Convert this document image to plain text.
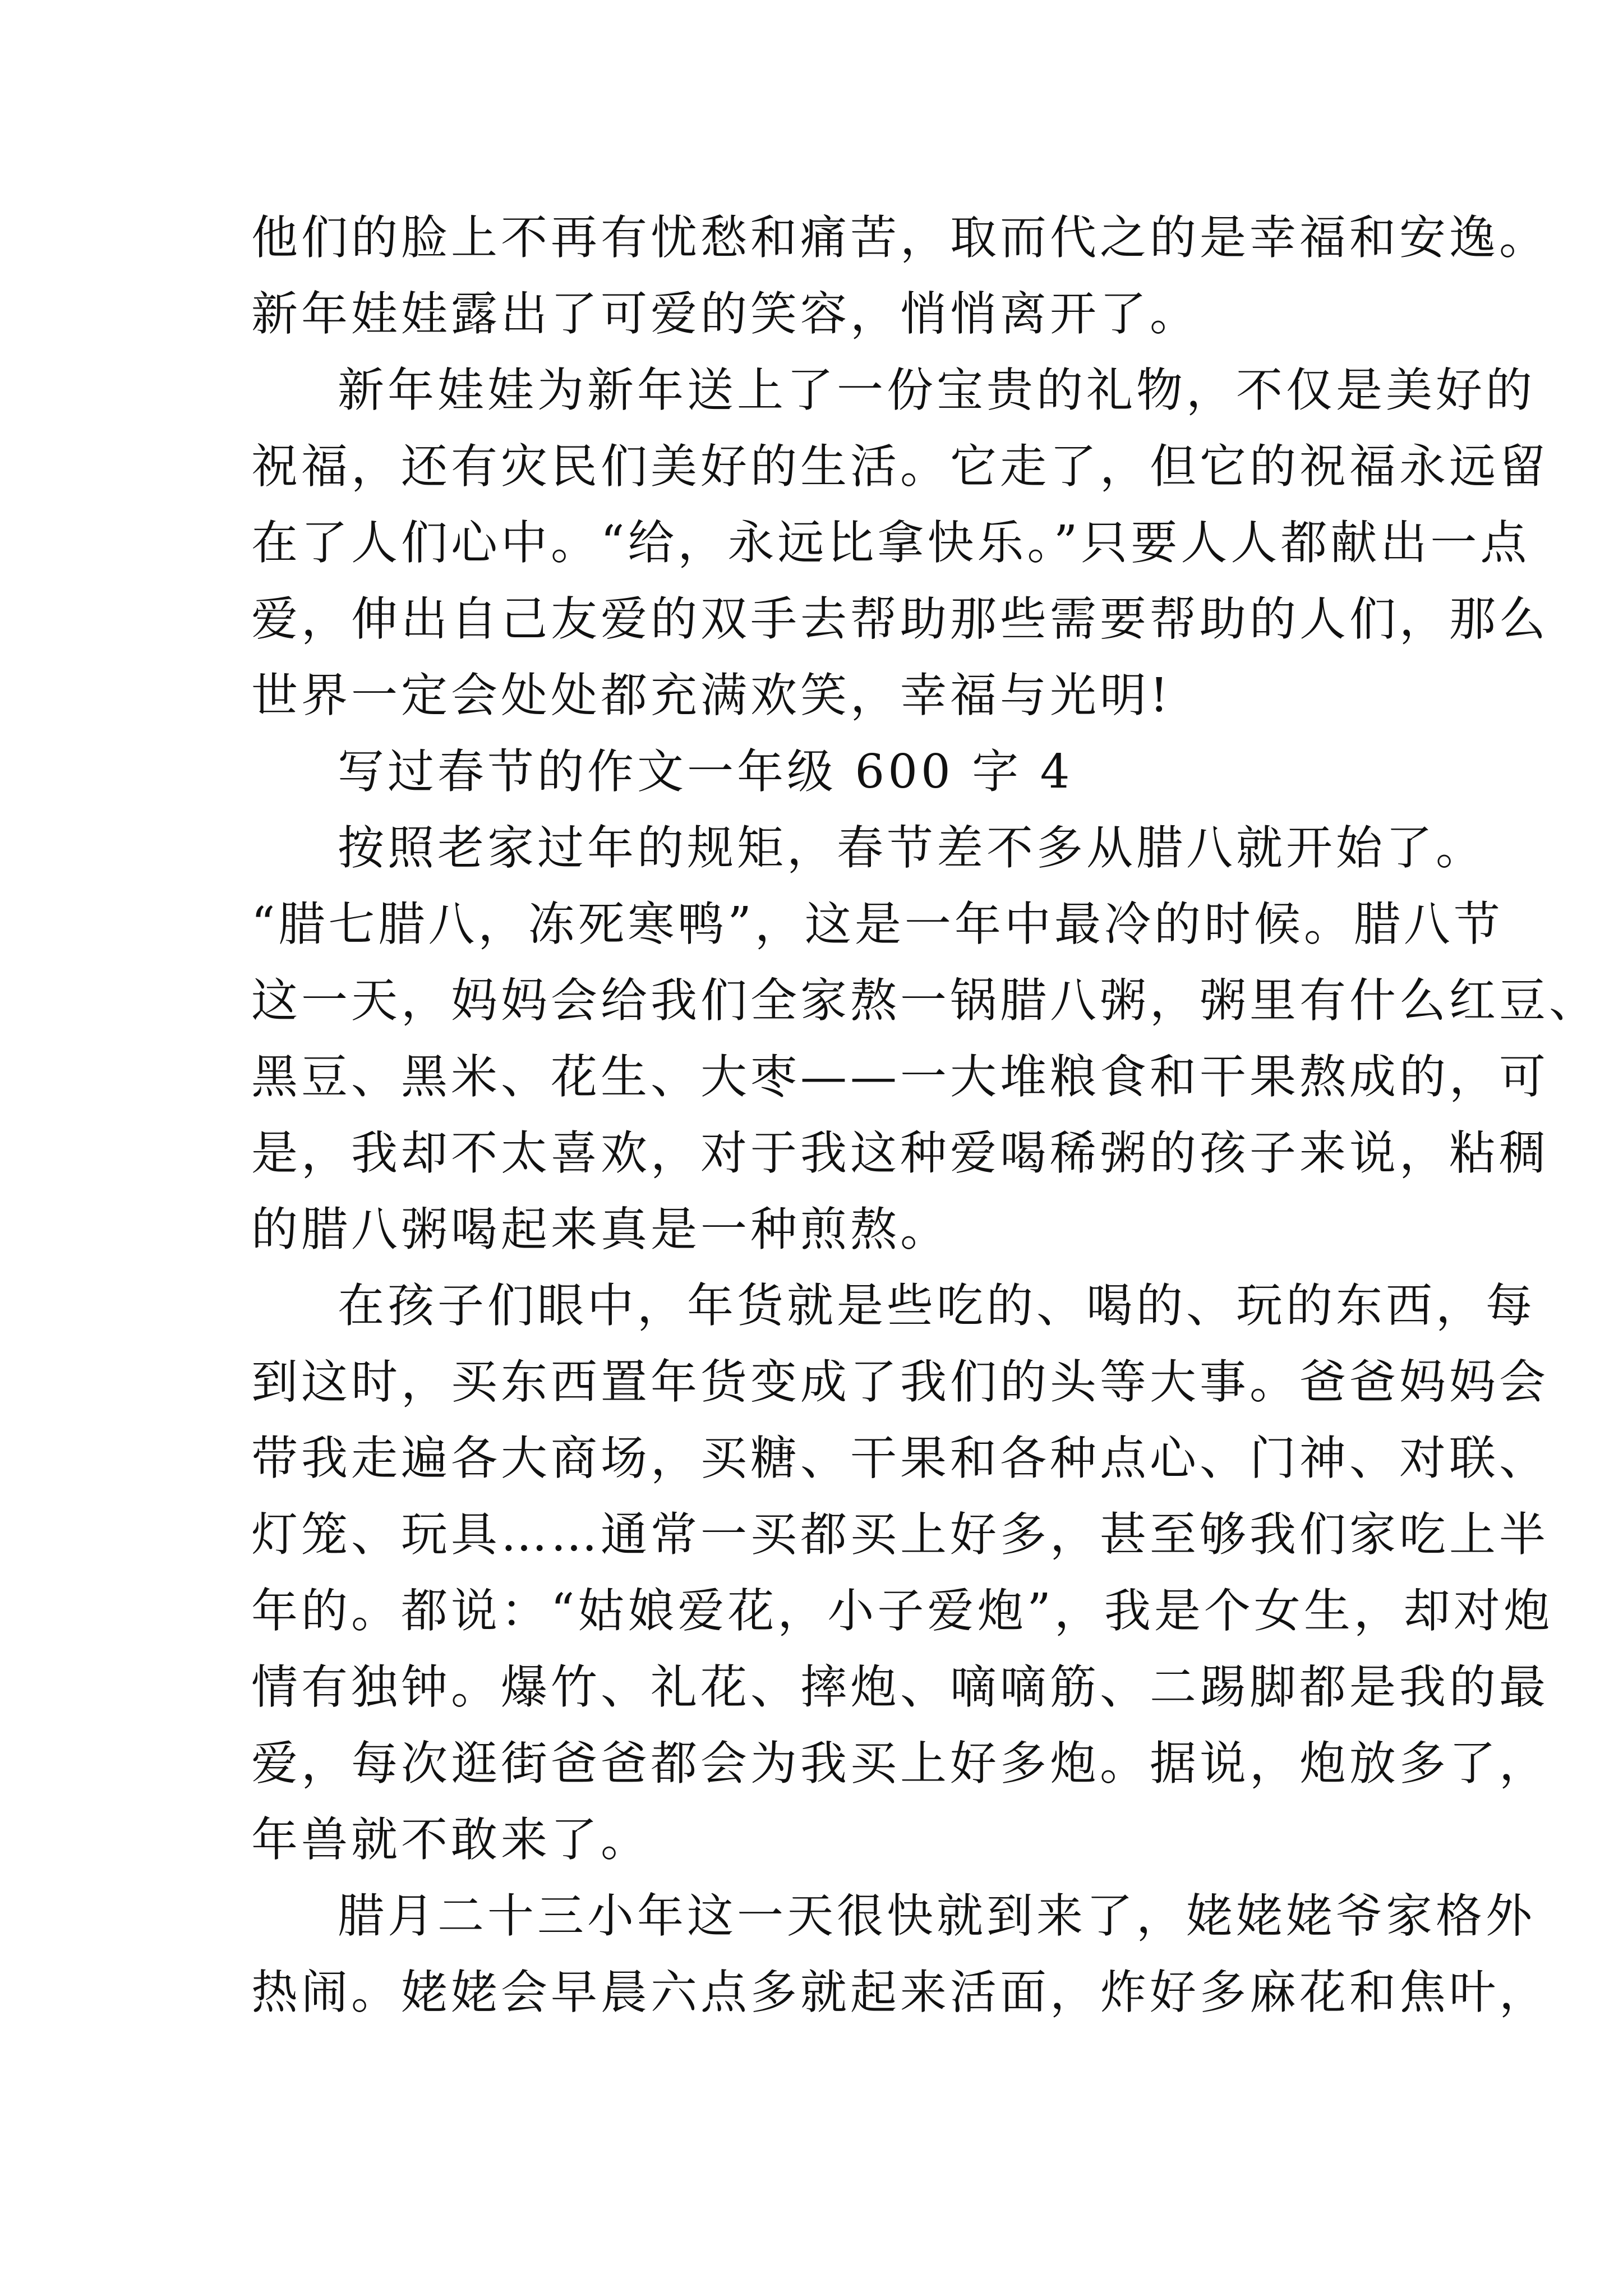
他们的脸上不再有忧愁和痛苦，取而代之的是幸福和安逸。
新年娃娃露出了可爱的笑容，悄悄离开了。

新年娃娃为新年送上了一份宝贵的礼物，不仅是美好的
祝福，还有灾民们美好的生活。它走了，但它的祝福永远留
在了人们心中。“给，永远比拿快乐。”只要人人都献出一点
爱，伸出自己友爱的双手去帮助那些需要帮助的人们，那么
世界一定会处处都充满欢笑，幸福与光明!

写过春节的作文一年级 600 字 4

按照老家过年的规矩，春节差不多从腊八就开始了。
“腊七腊八，冻死寒鸭”，这是一年中最冷的时候。腊八节
这一天，妈妈会给我们全家熬一锅腊八粥，粥里有什么红豆、
黑豆、黑米、花生、大枣——一大堆粮食和干果熬成的，可
是，我却不太喜欢，对于我这种爱喝稀粥的孩子来说，粘稠
的腊八粥喝起来真是一种煎熬。

在孩子们眼中，年货就是些吃的、喝的、玩的东西，每
到这时，买东西置年货变成了我们的头等大事。爸爸妈妈会
带我走遍各大商场，买糖、干果和各种点心、门神、对联、
灯笼、玩具……通常一买都买上好多，甚至够我们家吃上半
年的。都说：“姑娘爱花，小子爱炮”，我是个女生，却对炮
情有独钟。爆竹、礼花、摔炮、嘀嘀筋、二踢脚都是我的最
爱，每次逛街爸爸都会为我买上好多炮。据说，炮放多了，
年兽就不敢来了。

腊月二十三小年这一天很快就到来了，姥姥姥爷家格外
热闹。姥姥会早晨六点多就起来活面，炸好多麻花和焦叶，
